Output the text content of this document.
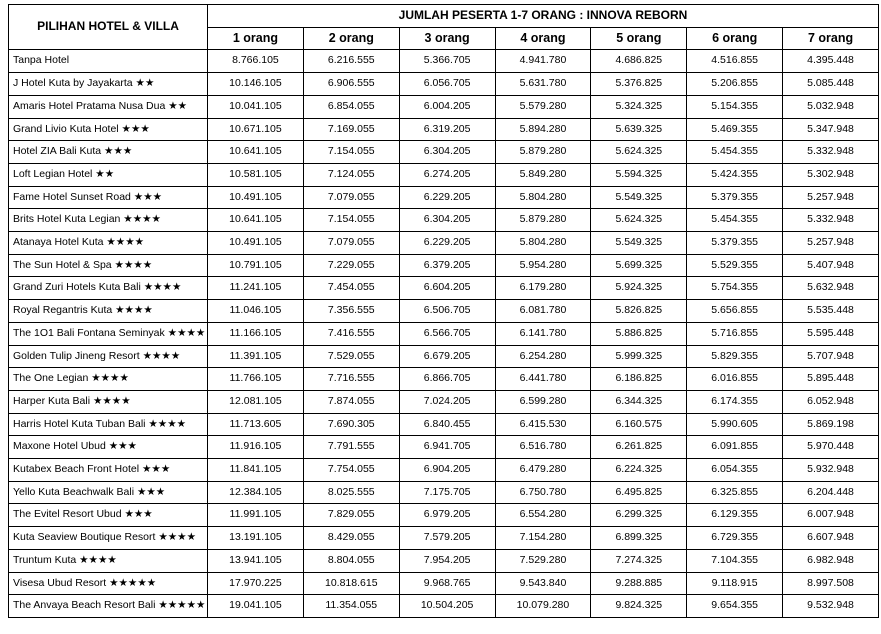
PILIHAN HOTEL & VILLA	JUMLAH PESERTA 1-7 ORANG : INNOVA REBORN						
	1 orang	2 orang	3 orang	4 orang	5 orang	6 orang	7 orang
Tanpa Hotel	8.766.105	6.216.555	5.366.705	4.941.780	4.686.825	4.516.855	4.395.448
J Hotel Kuta by Jayakarta ★★	10.146.105	6.906.555	6.056.705	5.631.780	5.376.825	5.206.855	5.085.448
Amaris Hotel Pratama Nusa Dua ★★	10.041.105	6.854.055	6.004.205	5.579.280	5.324.325	5.154.355	5.032.948
Grand Livio Kuta Hotel ★★★	10.671.105	7.169.055	6.319.205	5.894.280	5.639.325	5.469.355	5.347.948
Hotel ZIA Bali Kuta ★★★	10.641.105	7.154.055	6.304.205	5.879.280	5.624.325	5.454.355	5.332.948
Loft Legian Hotel ★★	10.581.105	7.124.055	6.274.205	5.849.280	5.594.325	5.424.355	5.302.948
Fame Hotel Sunset Road ★★★	10.491.105	7.079.055	6.229.205	5.804.280	5.549.325	5.379.355	5.257.948
Brits Hotel Kuta Legian ★★★★	10.641.105	7.154.055	6.304.205	5.879.280	5.624.325	5.454.355	5.332.948
Atanaya Hotel Kuta ★★★★	10.491.105	7.079.055	6.229.205	5.804.280	5.549.325	5.379.355	5.257.948
The Sun Hotel & Spa ★★★★	10.791.105	7.229.055	6.379.205	5.954.280	5.699.325	5.529.355	5.407.948
Grand Zuri Hotels Kuta Bali ★★★★	11.241.105	7.454.055	6.604.205	6.179.280	5.924.325	5.754.355	5.632.948
Royal Regantris Kuta ★★★★	11.046.105	7.356.555	6.506.705	6.081.780	5.826.825	5.656.855	5.535.448
The 1O1 Bali Fontana Seminyak ★★★★	11.166.105	7.416.555	6.566.705	6.141.780	5.886.825	5.716.855	5.595.448
Golden Tulip Jineng Resort ★★★★	11.391.105	7.529.055	6.679.205	6.254.280	5.999.325	5.829.355	5.707.948
The One Legian ★★★★	11.766.105	7.716.555	6.866.705	6.441.780	6.186.825	6.016.855	5.895.448
Harper Kuta Bali ★★★★	12.081.105	7.874.055	7.024.205	6.599.280	6.344.325	6.174.355	6.052.948
Harris Hotel Kuta Tuban Bali ★★★★	11.713.605	7.690.305	6.840.455	6.415.530	6.160.575	5.990.605	5.869.198
Maxone Hotel Ubud ★★★	11.916.105	7.791.555	6.941.705	6.516.780	6.261.825	6.091.855	5.970.448
Kutabex Beach Front Hotel ★★★	11.841.105	7.754.055	6.904.205	6.479.280	6.224.325	6.054.355	5.932.948
Yello Kuta Beachwalk Bali ★★★	12.384.105	8.025.555	7.175.705	6.750.780	6.495.825	6.325.855	6.204.448
The Evitel Resort Ubud ★★★	11.991.105	7.829.055	6.979.205	6.554.280	6.299.325	6.129.355	6.007.948
Kuta Seaview Boutique Resort ★★★★	13.191.105	8.429.055	7.579.205	7.154.280	6.899.325	6.729.355	6.607.948
Truntum Kuta ★★★★	13.941.105	8.804.055	7.954.205	7.529.280	7.274.325	7.104.355	6.982.948
Visesa Ubud Resort ★★★★★	17.970.225	10.818.615	9.968.765	9.543.840	9.288.885	9.118.915	8.997.508
The Anvaya Beach Resort Bali ★★★★★	19.041.105	11.354.055	10.504.205	10.079.280	9.824.325	9.654.355	9.532.948
